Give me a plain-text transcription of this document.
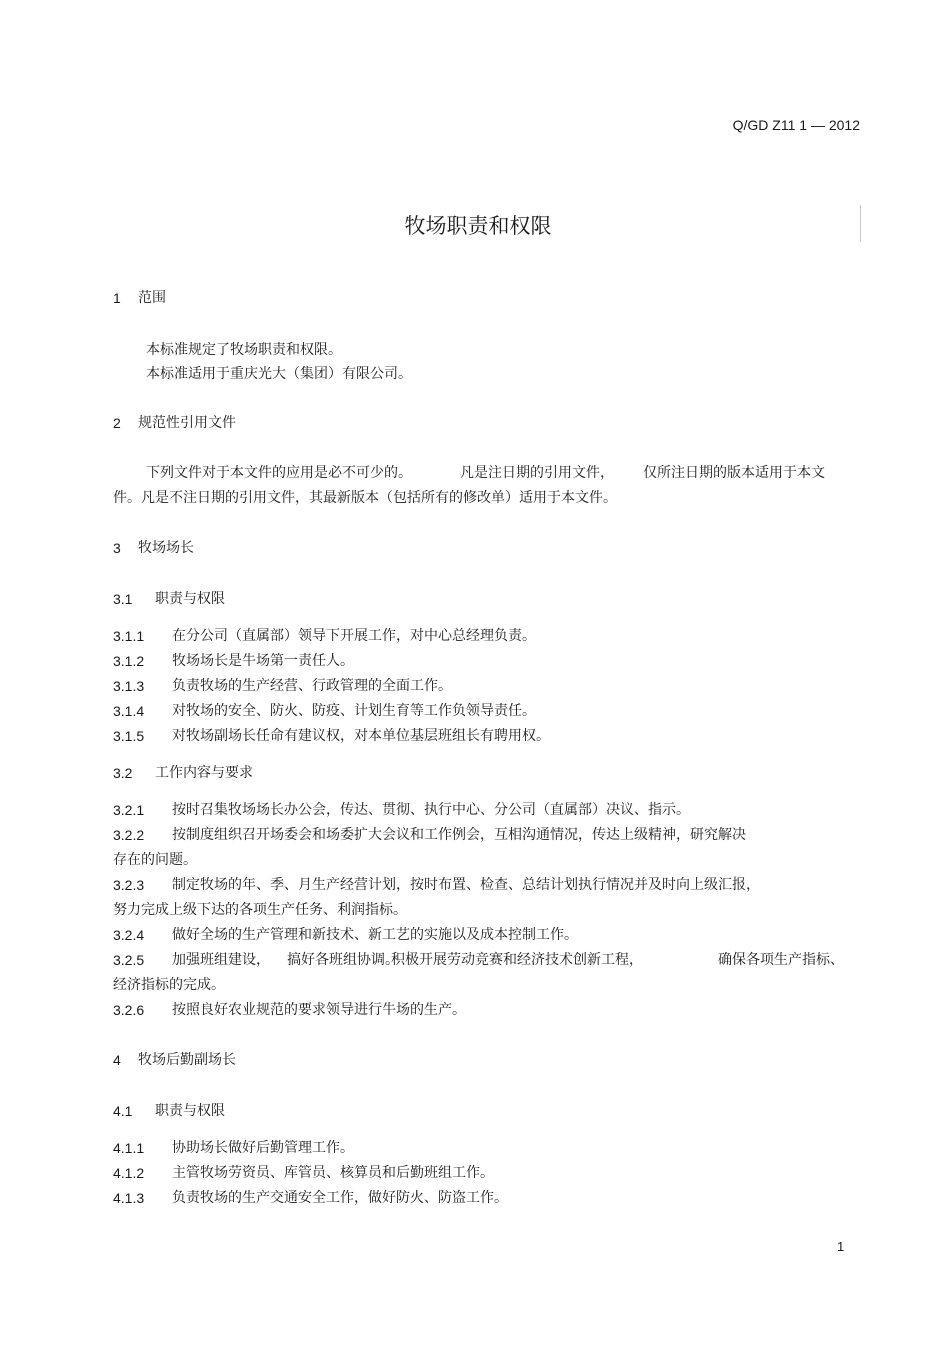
Q/GD Z11 1 — 2012
牧场职责和权限
1 范围
本标准规定了牧场职责和权限。
本标准适用于重庆光大（集团）有限公司。
2 规范性引用文件
下列文件对于本文件的应用是必不可少的。	凡是注日期的引用文件， 仅所注日期的版本适用于本文
件。凡是不注日期的引用文件，其最新版本（包括所有的修改单）适用于本文件。
3 牧场场长
3.1 职责与权限
3.1.1 在分公司（直属部）领导下开展工作，对中心总经理负责。
3.1.2 牧场场长是牛场第一责任人。
3.1.3 负责牧场的生产经营、行政管理的全面工作。
3.1.4 对牧场的安全、防火、防疫、计划生育等工作负领导责任。
3.1.5 对牧场副场长任命有建议权，对本单位基层班组长有聘用权。
3.2 工作内容与要求
3.2.1 按时召集牧场场长办公会，传达、贯彻、执行中心、分公司（直属部）决议、指示。
3.2.2 按制度组织召开场委会和场委扩大会议和工作例会，互相沟通情况，传达上级精神，研究解决
存在的问题。
3.2.3 制定牧场的年、季、月生产经营计划，按时布置、检查、总结计划执行情况并及时向上级汇报，
努力完成上级下达的各项生产任务、利润指标。
3.2.4 做好全场的生产管理和新技术、新工艺的实施以及成本控制工作。
3.2.5 加强班组建设， 搞好各班组协调。
积极开展劳动竞赛和经济技术创新工程，	确保各项生产指标、
经济指标的完成。
3.2.6 按照良好农业规范的要求领导进行牛场的生产。
4 牧场后勤副场长
4.1 职责与权限
4.1.1 协助场长做好后勤管理工作。
4.1.2 主管牧场劳资员、库管员、核算员和后勤班组工作。
4.1.3 负责牧场的生产交通安全工作，做好防火、防盗工作。
1
